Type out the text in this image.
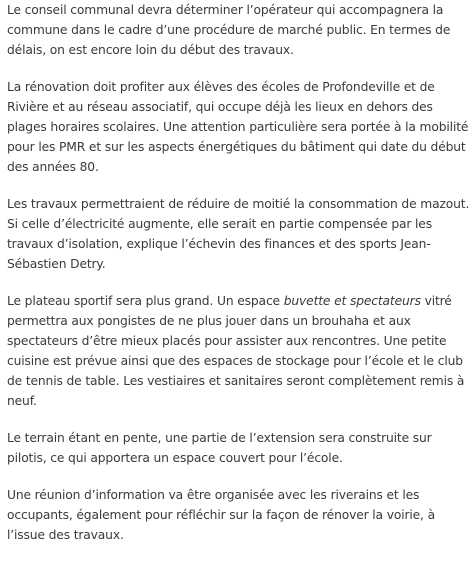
Le conseil communal devra déterminer l’opérateur qui accompagnera la commune dans le cadre d’une procédure de marché public. En termes de délais, on est encore loin du début des travaux.

La rénovation doit profiter aux élèves des écoles de Profondeville et de Rivière et au réseau associatif, qui occupe déjà les lieux en dehors des plages horaires scolaires. Une attention particulière sera portée à la mobilité pour les PMR et sur les aspects énergétiques du bâtiment qui date du début des années 80.

Les travaux permettraient de réduire de moitié la consommation de mazout. Si celle d’électricité augmente, elle serait en partie compensée par les travaux d’isolation, explique l’échevin des finances et des sports Jean-Sébastien Detry.

Le plateau sportif sera plus grand. Un espace buvette et spectateurs vitré permettra aux pongistes de ne plus jouer dans un brouhaha et aux spectateurs d’être mieux placés pour assister aux rencontres. Une petite cuisine est prévue ainsi que des espaces de stockage pour l’école et le club de tennis de table. Les vestiaires et sanitaires seront complètement remis à neuf.

Le terrain étant en pente, une partie de l’extension sera construite sur pilotis, ce qui apportera un espace couvert pour l’école.

Une réunion d’information va être organisée avec les riverains et les occupants, également pour réfléchir sur la façon de rénover la voirie, à l’issue des travaux.
